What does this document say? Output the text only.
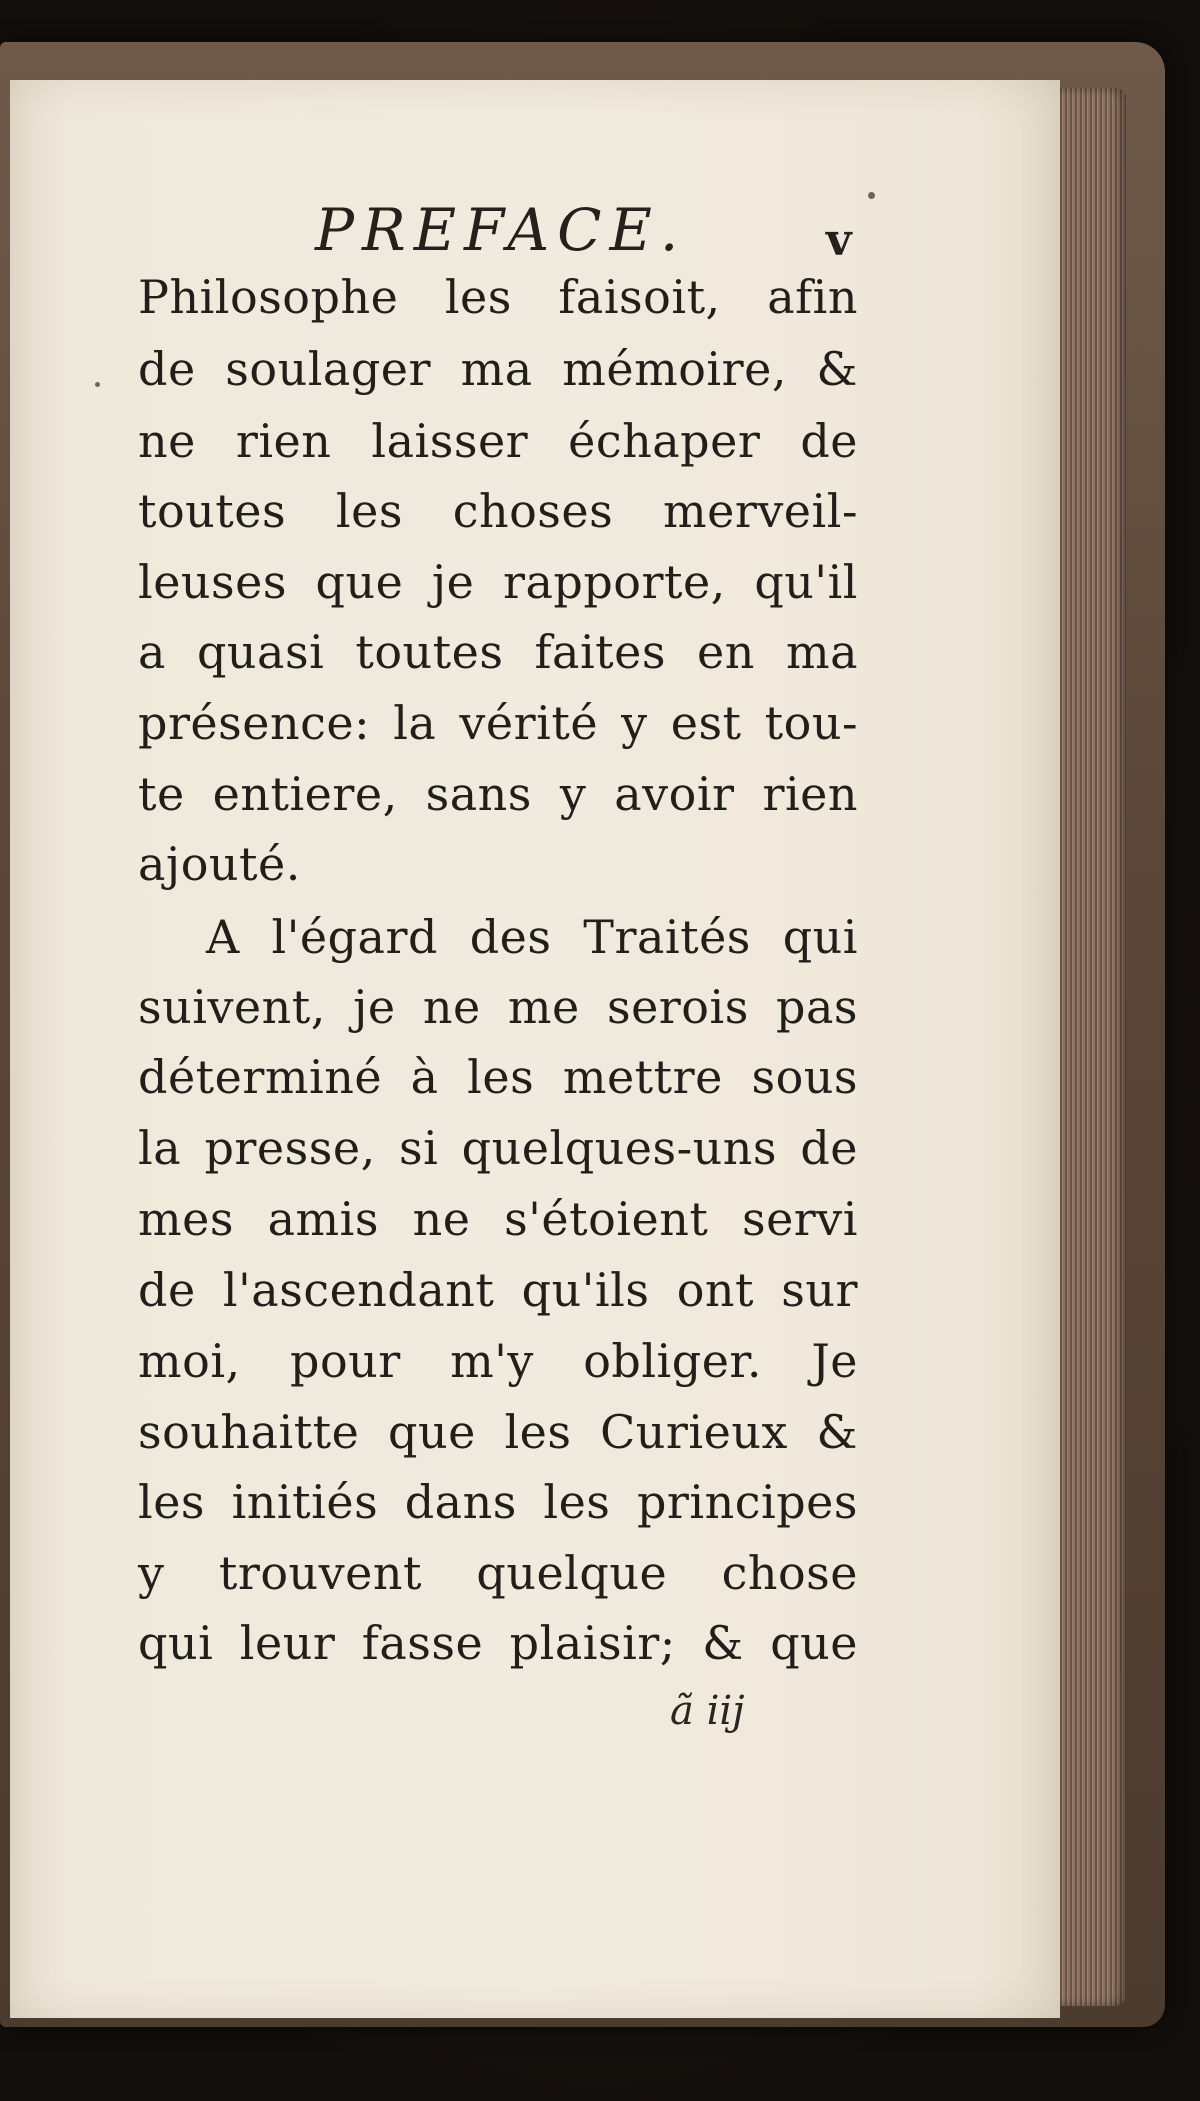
PREFACE.	v
Philosophe les faisoit, afin
de soulager ma mémoire, &
ne rien laisser échaper de
toutes les choses merveil-
leuses que je rapporte, qu'il
a quasi toutes faites en ma
présence: la vérité y est tou-
te entiere, sans y avoir rien
ajouté.
A l'égard des Traités qui
suivent, je ne me serois pas
déterminé à les mettre sous
la presse, si quelques-uns de
mes amis ne s'étoient servi
de l'ascendant qu'ils ont sur
moi, pour m'y obliger. Je
souhaitte que les Curieux &
les initiés dans les principes
y trouvent quelque chose
qui leur fasse plaisir; & que
ã iij
